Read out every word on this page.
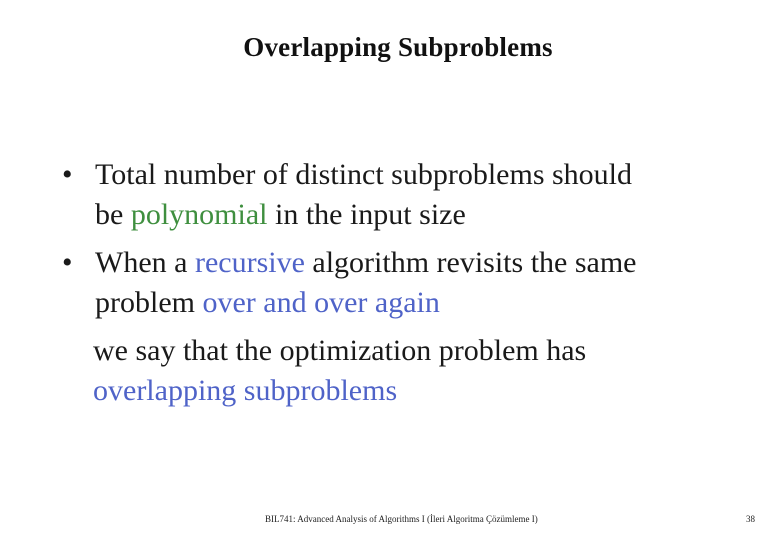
Overlapping Subproblems
• Total number of distinct subproblems should
be polynomial in the input size
• When a recursive algorithm revisits the same
problem over and over again
we say that the optimization problem has
overlapping subproblems
BIL741: Advanced Analysis of Algorithms I (İleri Algoritma Çözümleme I)	38
